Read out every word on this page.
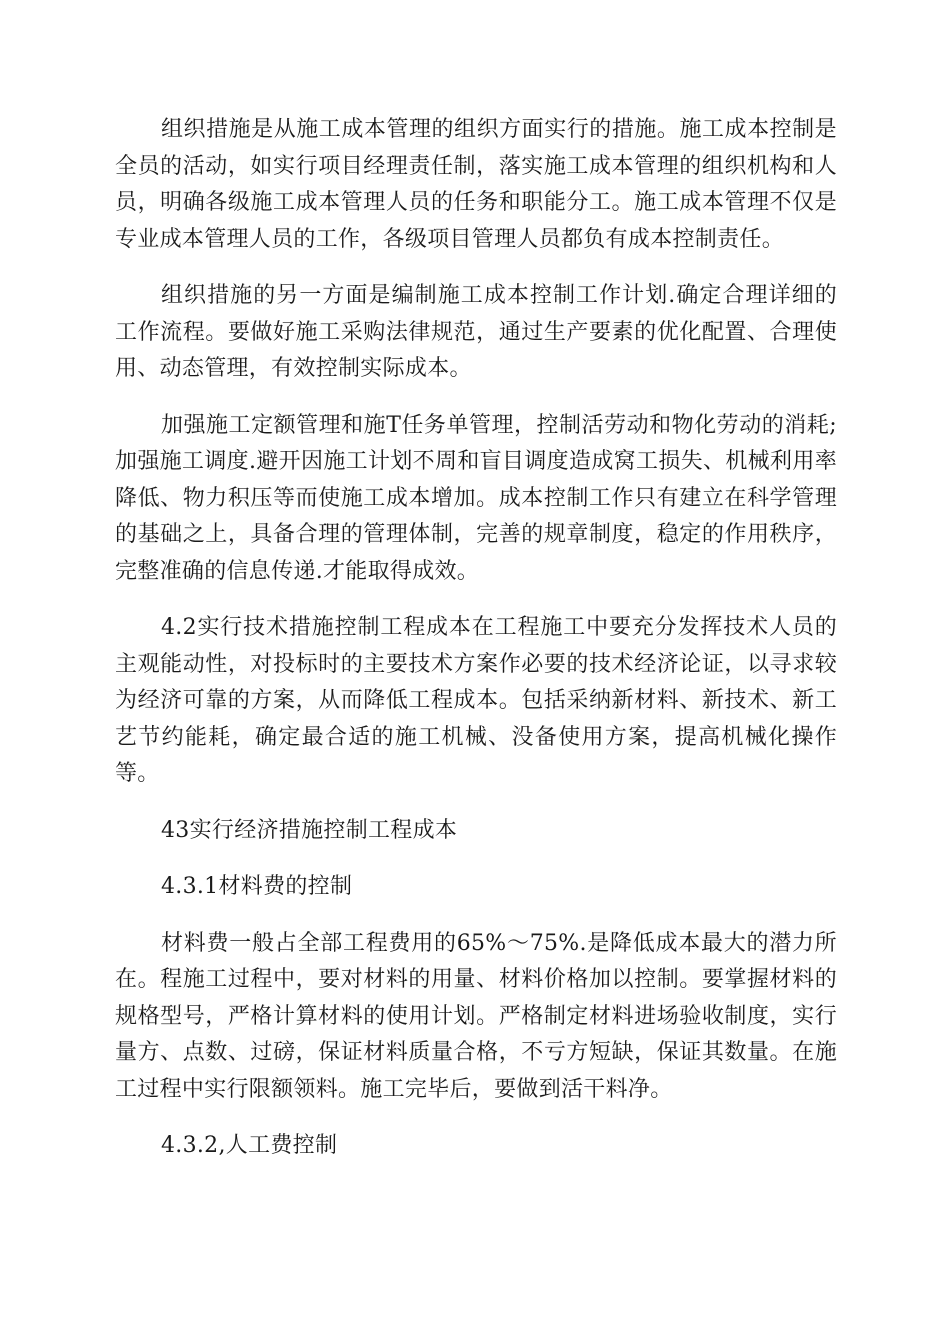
组织措施是从施工成本管理的组织方面实行的措施。施工成本控制是全员的活动，如实行项目经理责任制，落实施工成本管理的组织机构和人员，明确各级施工成本管理人员的任务和职能分工。施工成本管理不仅是专业成本管理人员的工作，各级项目管理人员都负有成本控制责任。

组织措施的另一方面是编制施工成本控制工作计划.确定合理详细的工作流程。要做好施工采购法律规范，通过生产要素的优化配置、合理使用、动态管理，有效控制实际成本。

加强施工定额管理和施T任务单管理，控制活劳动和物化劳动的消耗;加强施工调度.避开因施工计划不周和盲目调度造成窝工损失、机械利用率降低、物力积压等而使施工成本增加。成本控制工作只有建立在科学管理的基础之上，具备合理的管理体制，完善的规章制度，稳定的作用秩序，完整准确的信息传递.才能取得成效。

4.2实行技术措施控制工程成本在工程施工中要充分发挥技术人员的主观能动性，对投标时的主要技术方案作必要的技术经济论证，以寻求较为经济可靠的方案，从而降低工程成本。包括采纳新材料、新技术、新工艺节约能耗，确定最合适的施工机械、没备使用方案，提高机械化操作等。

43实行经济措施控制工程成本

4.3.1材料费的控制

材料费一般占全部工程费用的65%～75%.是降低成本最大的潜力所在。程施工过程中，要对材料的用量、材料价格加以控制。要掌握材料的规格型号，严格计算材料的使用计划。严格制定材料进场验收制度，实行量方、点数、过磅，保证材料质量合格，不亏方短缺，保证其数量。在施工过程中实行限额领料。施工完毕后，要做到活干料净。

4.3.2,人工费控制
